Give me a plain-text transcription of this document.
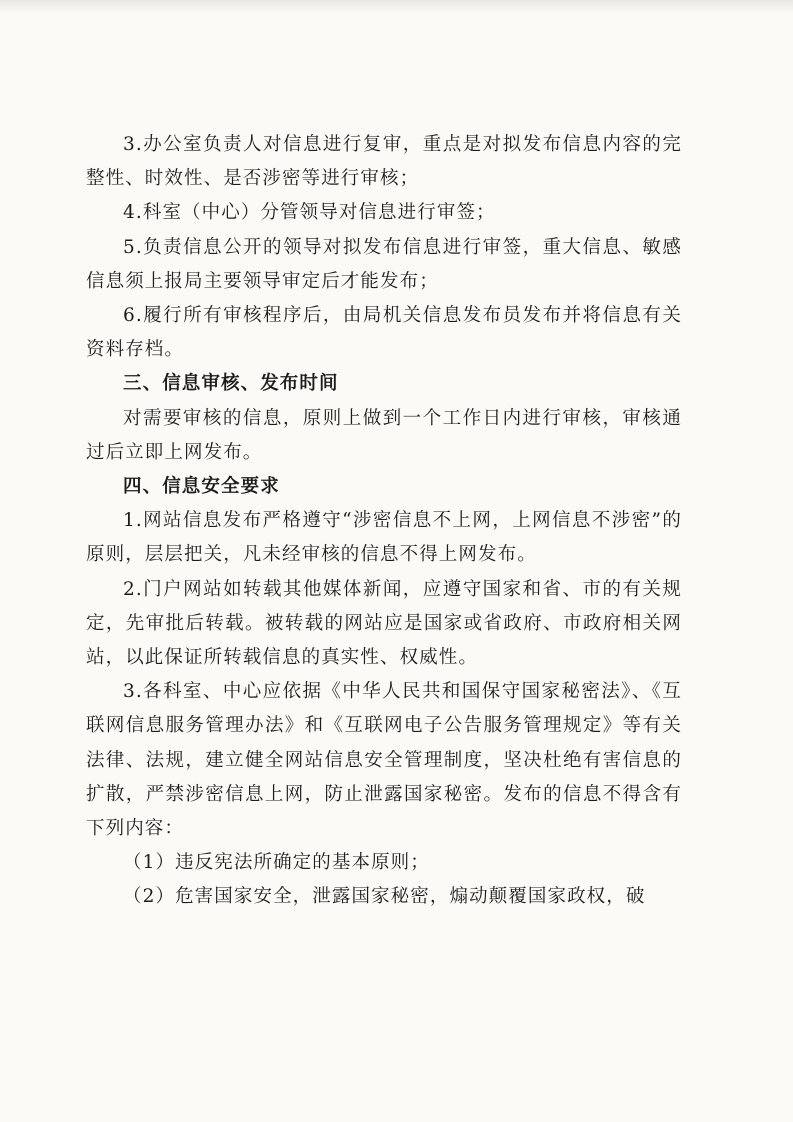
3.办公室负责人对信息进行复审，重点是对拟发布信息内容的完整性、时效性、是否涉密等进行审核；

4.科室（中心）分管领导对信息进行审签；

5.负责信息公开的领导对拟发布信息进行审签，重大信息、敏感信息须上报局主要领导审定后才能发布；

6.履行所有审核程序后，由局机关信息发布员发布并将信息有关资料存档。

三、信息审核、发布时间

对需要审核的信息，原则上做到一个工作日内进行审核，审核通过后立即上网发布。

四、信息安全要求

1.网站信息发布严格遵守“涉密信息不上网，上网信息不涉密”的原则，层层把关，凡未经审核的信息不得上网发布。

2.门户网站如转载其他媒体新闻，应遵守国家和省、市的有关规定，先审批后转载。被转载的网站应是国家或省政府、市政府相关网站，以此保证所转载信息的真实性、权威性。

3.各科室、中心应依据《中华人民共和国保守国家秘密法》、《互联网信息服务管理办法》和《互联网电子公告服务管理规定》等有关法律、法规，建立健全网站信息安全管理制度，坚决杜绝有害信息的扩散，严禁涉密信息上网，防止泄露国家秘密。发布的信息不得含有下列内容：

（1）违反宪法所确定的基本原则；

（2）危害国家安全，泄露国家秘密，煽动颠覆国家政权，破
